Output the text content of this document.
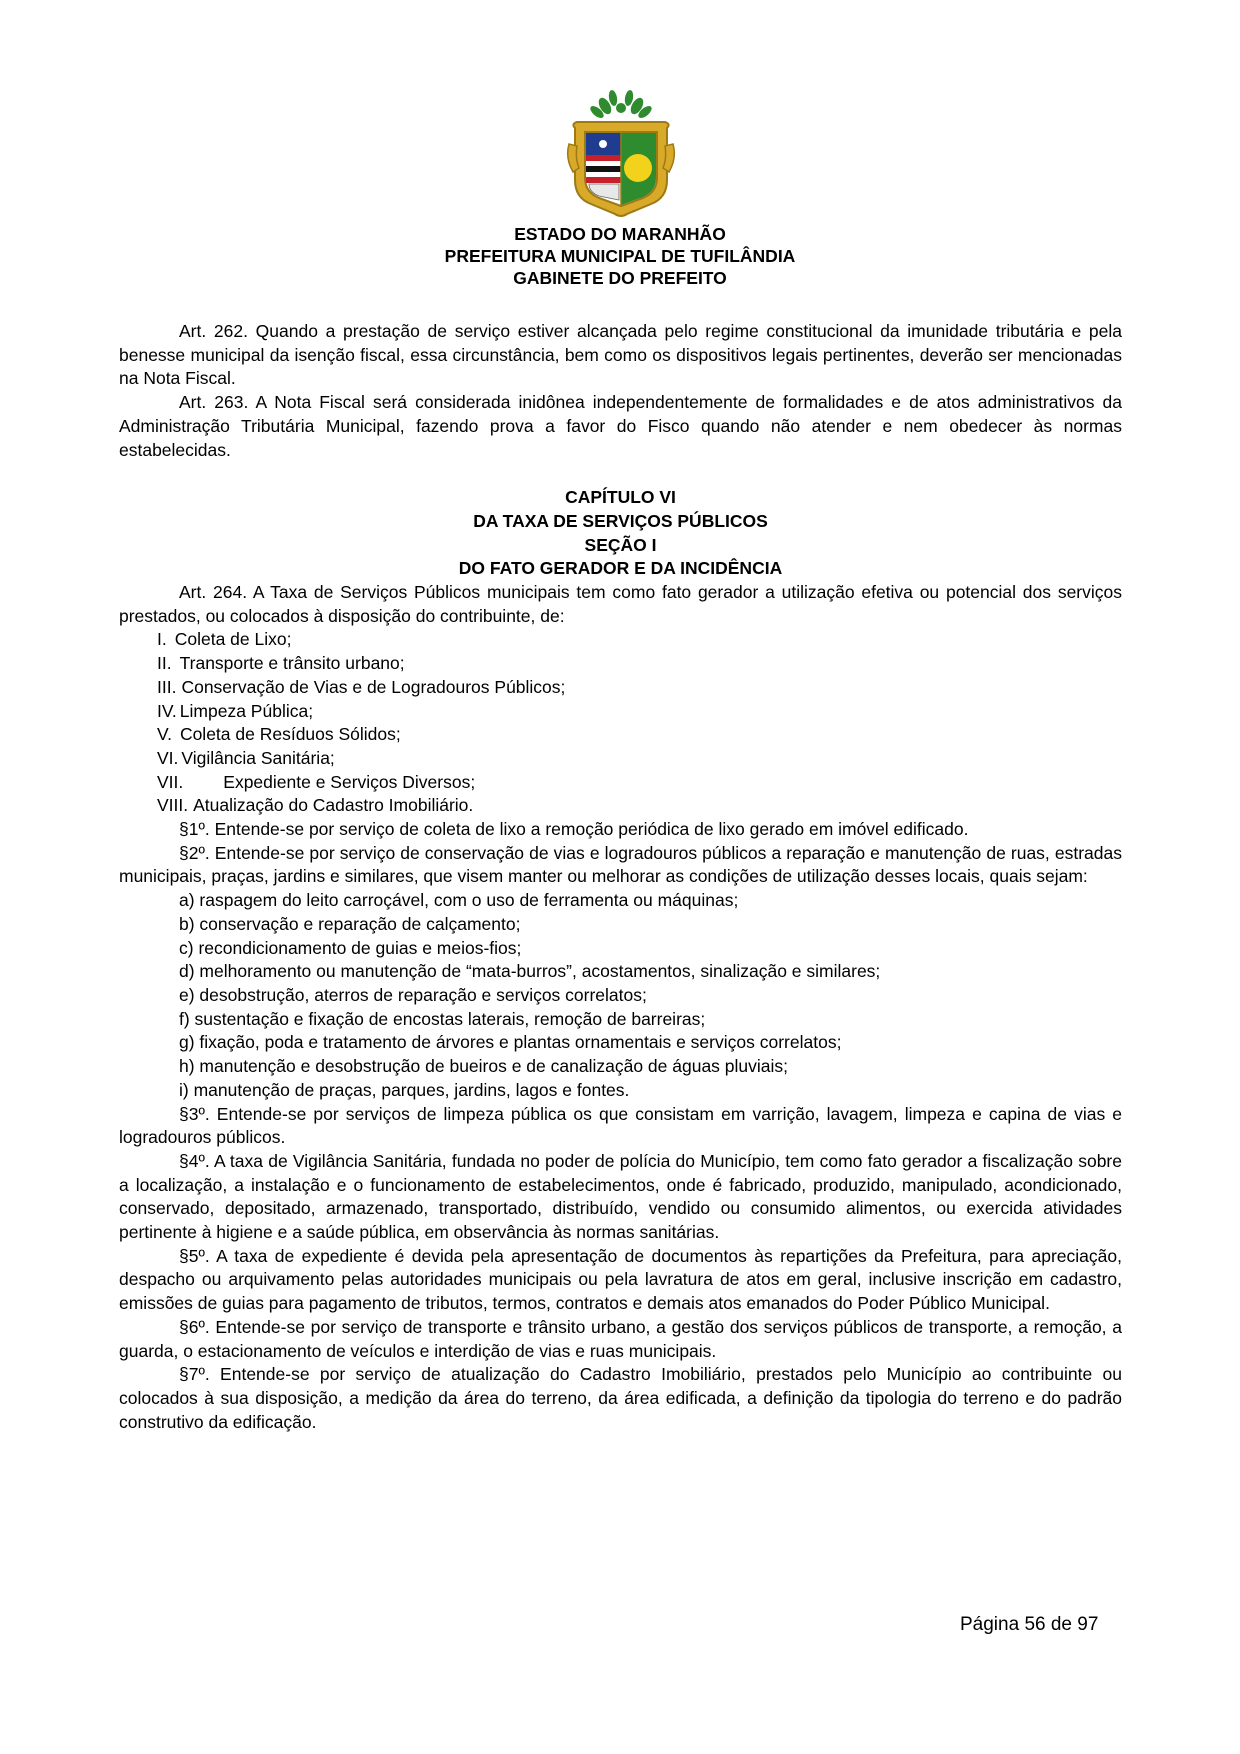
ESTADO DO MARANHÃO
PREFEITURA MUNICIPAL DE TUFILÂNDIA
GABINETE DO PREFEITO

Art. 262. Quando a prestação de serviço estiver alcançada pelo regime constitucional da imunidade tributária e pela benesse municipal da isenção fiscal, essa circunstância, bem como os dispositivos legais pertinentes, deverão ser mencionadas na Nota Fiscal.

Art. 263. A Nota Fiscal será considerada inidônea independentemente de formalidades e de atos administrativos da Administração Tributária Municipal, fazendo prova a favor do Fisco quando não atender e nem obedecer às normas estabelecidas.

CAPÍTULO VI

DA TAXA DE SERVIÇOS PÚBLICOS

SEÇÃO I

DO FATO GERADOR E DA INCIDÊNCIA

Art. 264. A Taxa de Serviços Públicos municipais tem como fato gerador a utilização efetiva ou potencial dos serviços prestados, ou colocados à disposição do contribuinte, de:

I. Coleta de Lixo;

II. Transporte e trânsito urbano;

III. Conservação de Vias e de Logradouros Públicos;

IV. Limpeza Pública;

V. Coleta de Resíduos Sólidos;

VI. Vigilância Sanitária;

VII. Expediente e Serviços Diversos;

VIII. Atualização do Cadastro Imobiliário.

§1º. Entende-se por serviço de coleta de lixo a remoção periódica de lixo gerado em imóvel edificado.

§2º. Entende-se por serviço de conservação de vias e logradouros públicos a reparação e manutenção de ruas, estradas municipais, praças, jardins e similares, que visem manter ou melhorar as condições de utilização desses locais, quais sejam:

a) raspagem do leito carroçável, com o uso de ferramenta ou máquinas;

b) conservação e reparação de calçamento;

c) recondicionamento de guias e meios-fios;

d) melhoramento ou manutenção de “mata-burros”, acostamentos, sinalização e similares;

e) desobstrução, aterros de reparação e serviços correlatos;

f) sustentação e fixação de encostas laterais, remoção de barreiras;

g) fixação, poda e tratamento de árvores e plantas ornamentais e serviços correlatos;

h) manutenção e desobstrução de bueiros e de canalização de águas pluviais;

i) manutenção de praças, parques, jardins, lagos e fontes.

§3º. Entende-se por serviços de limpeza pública os que consistam em varrição, lavagem, limpeza e capina de vias e logradouros públicos.

§4º. A taxa de Vigilância Sanitária, fundada no poder de polícia do Município, tem como fato gerador a fiscalização sobre a localização, a instalação e o funcionamento de estabelecimentos, onde é fabricado, produzido, manipulado, acondicionado, conservado, depositado, armazenado, transportado, distribuído, vendido ou consumido alimentos, ou exercida atividades pertinente à higiene e a saúde pública, em observância às normas sanitárias.

§5º. A taxa de expediente é devida pela apresentação de documentos às repartições da Prefeitura, para apreciação, despacho ou arquivamento pelas autoridades municipais ou pela lavratura de atos em geral, inclusive inscrição em cadastro, emissões de guias para pagamento de tributos, termos, contratos e demais atos emanados do Poder Público Municipal.

§6º. Entende-se por serviço de transporte e trânsito urbano, a gestão dos serviços públicos de transporte, a remoção, a guarda, o estacionamento de veículos e interdição de vias e ruas municipais.

§7º. Entende-se por serviço de atualização do Cadastro Imobiliário, prestados pelo Município ao contribuinte ou colocados à sua disposição, a medição da área do terreno, da área edificada, a definição da tipologia do terreno e do padrão construtivo da edificação.

Página 56 de 97
